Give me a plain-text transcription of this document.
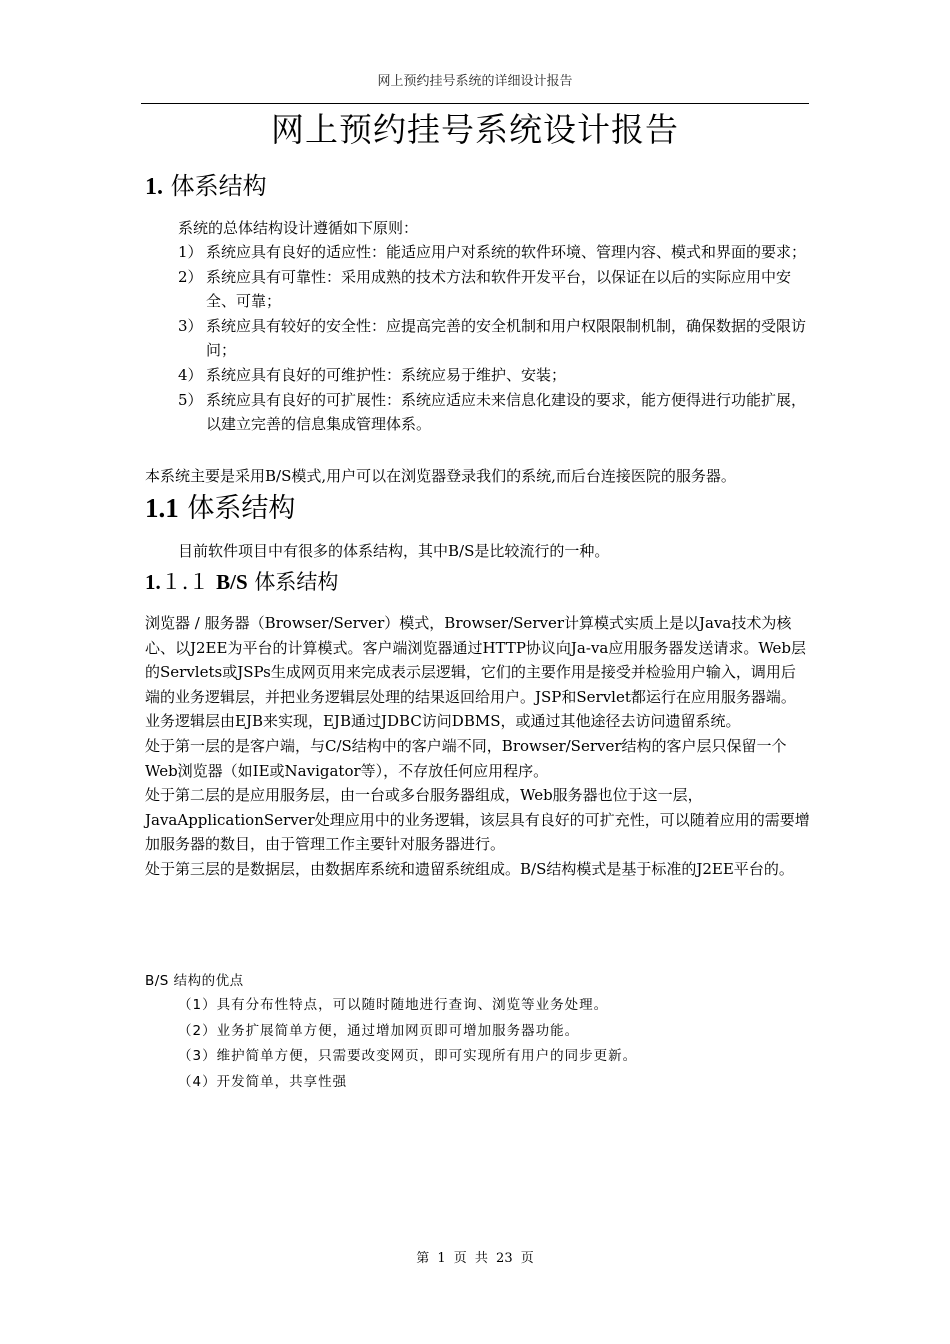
网上预约挂号系统的详细设计报告
网上预约挂号系统设计报告
1. 体系结构
系统的总体结构设计遵循如下原则：
1） 系统应具有良好的适应性：能适应用户对系统的软件环境、管理内容、模式和界面的要求；
2） 系统应具有可靠性：采用成熟的技术方法和软件开发平台，以保证在以后的实际应用中安全、可靠；
3） 系统应具有较好的安全性：应提高完善的安全机制和用户权限限制机制，确保数据的受限访问；
4） 系统应具有良好的可维护性：系统应易于维护、安装；
5） 系统应具有良好的可扩展性：系统应适应未来信息化建设的要求，能方便得进行功能扩展，以建立完善的信息集成管理体系。
本系统主要是采用B/S模式,用户可以在浏览器登录我们的系统,而后台连接医院的服务器。
1.1 体系结构
目前软件项目中有很多的体系结构，其中B/S是比较流行的一种。
1.１.１ B/S 体系结构

浏览器 / 服务器（Browser/Server）模式，Browser/Server计算模式实质上是以Java技术为核心、以J2EE为平台的计算模式。客户端浏览器通过HTTP协议向Ja-va应用服务器发送请求。Web层的Servlets或JSPs生成网页用来完成表示层逻辑，它们的主要作用是接受并检验用户输入，调用后端的业务逻辑层，并把业务逻辑层处理的结果返回给用户。JSP和Servlet都运行在应用服务器端。业务逻辑层由EJB来实现，EJB通过JDBC访问DBMS，或通过其他途径去访问遗留系统。

处于第一层的是客户端，与C/S结构中的客户端不同，Browser/Server结构的客户层只保留一个Web浏览器（如IE或Navigator等），不存放任何应用程序。

处于第二层的是应用服务层，由一台或多台服务器组成，Web服务器也位于这一层，JavaApplicationServer处理应用中的业务逻辑，该层具有良好的可扩充性，可以随着应用的需要增加服务器的数目，由于管理工作主要针对服务器进行。

处于第三层的是数据层，由数据库系统和遗留系统组成。B/S结构模式是基于标准的J2EE平台的。

B/S 结构的优点
（1）具有分布性特点，可以随时随地进行查询、浏览等业务处理。
（2）业务扩展简单方便，通过增加网页即可增加服务器功能。
（3）维护简单方便，只需要改变网页，即可实现所有用户的同步更新。
（4）开发简单，共享性强
第 1 页 共 23 页
